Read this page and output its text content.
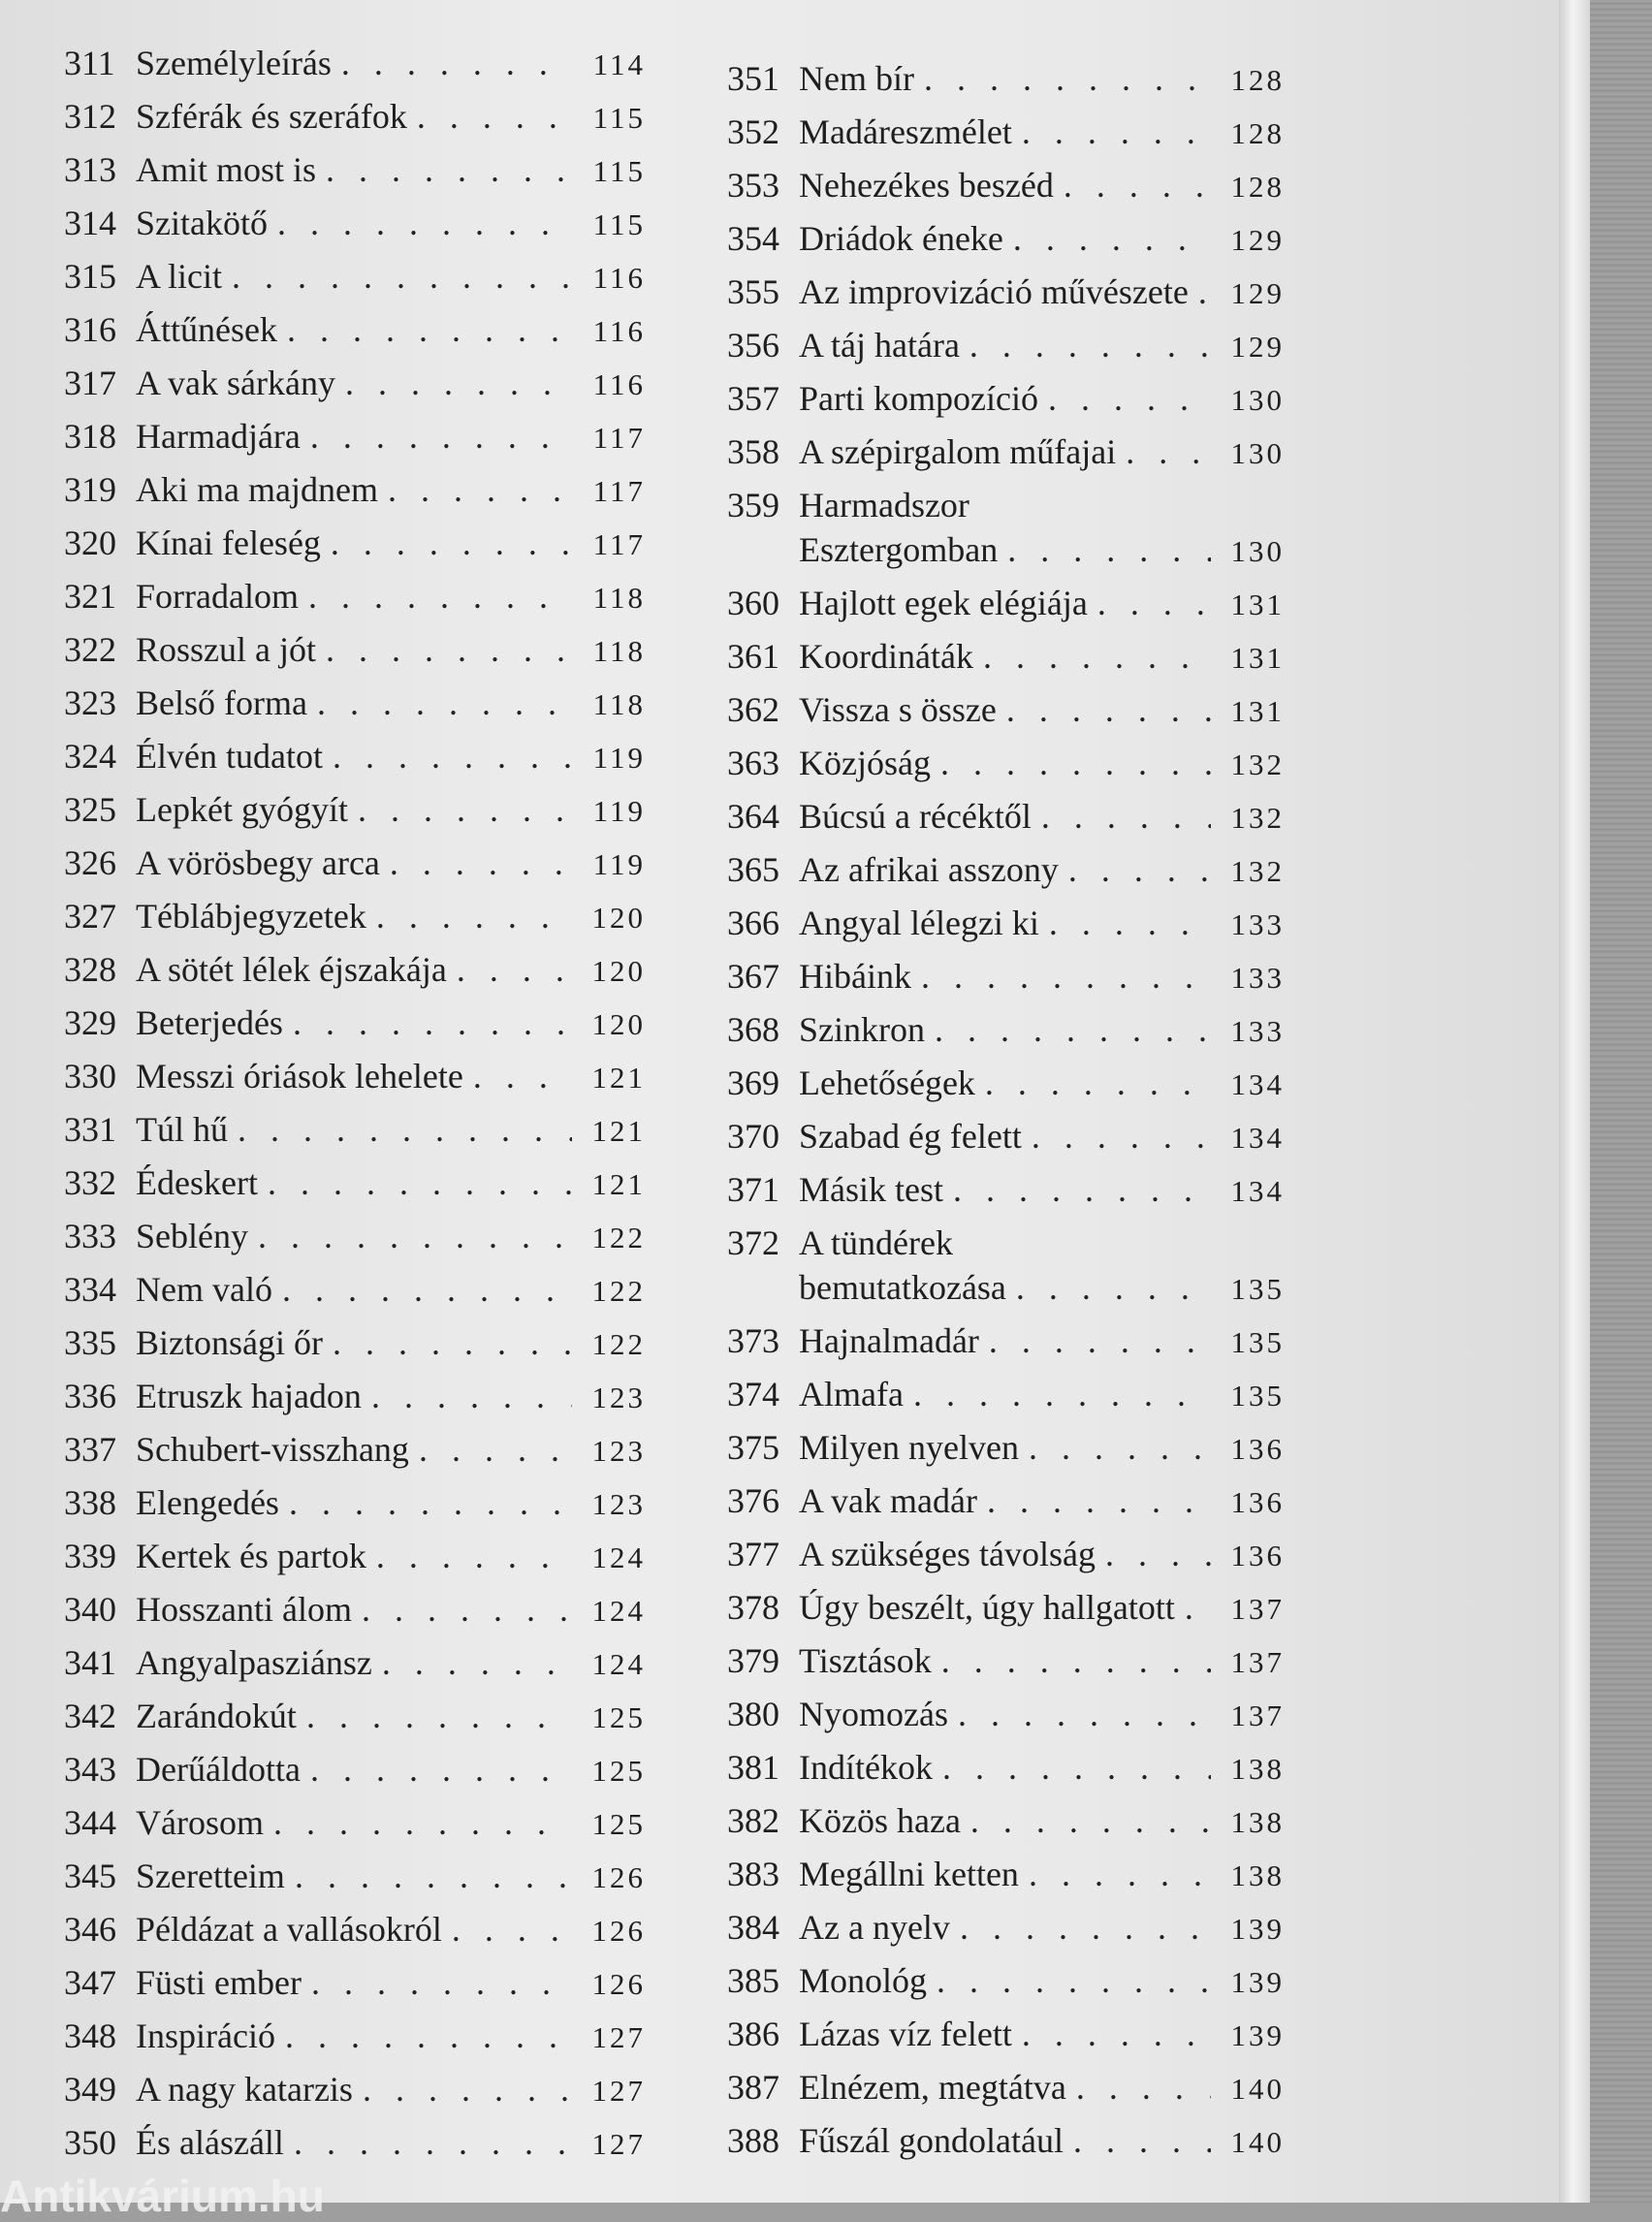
311 Személyleírás . . .	114
312 Szférák és szeráfok . . .	115
313 Amit most is . . .	115
314 Szitakötő . . .	115
315 A licit . . .	116
316 Áttűnések . . .	116
317 A vak sárkány . . .	116
318 Harmadjára . . .	117
319 Aki ma majdnem . . .	117
320 Kínai feleség . . .	117
321 Forradalom . . .	118
322 Rosszul a jót . . .	118
323 Belső forma . . .	118
324 Élvén tudatot . . .	119
325 Lepkét gyógyít . . .	119
326 A vörösbegy arca . . .	119
327 Téblábjegyzetek . . .	120
328 A sötét lélek éjszakája . . .	120
329 Beterjedés . . .	120
330 Messzi óriások lehelete . . .	121
331 Túl hű . . .	121
332 Édeskert . . .	121
333 Seblény . . .	122
334 Nem való . . .	122
335 Biztonsági őr . . .	122
336 Etruszk hajadon . . .	123
337 Schubert-visszhang . . .	123
338 Elengedés . . .	123
339 Kertek és partok . . .	124
340 Hosszanti álom . . .	124
341 Angyalpasziánsz . . .	124
342 Zarándokút . . .	125
343 Derűáldotta . . .	125
344 Városom . . .	125
345 Szeretteim . . .	126
346 Példázat a vallásokról . . .	126
347 Füsti ember . . .	126
348 Inspiráció . . .	127
349 A nagy katarzis . . .	127
350 És alászáll . . .	127
351 Nem bír . . .	128
352 Madáreszmélet . . .	128
353 Nehezékes beszéd . . .	128
354 Driádok éneke . . .	129
355 Az improvizáció művészete . . .	129
356 A táj határa . . .	129
357 Parti kompozíció . . .	130
358 A szépirgalom műfajai . . .	130
359 Harmadszor
Esztergomban . . .	130
360 Hajlott egek elégiája . . .	131
361 Koordináták . . .	131
362 Vissza s össze . . .	131
363 Közjóság . . .	132
364 Búcsú a récéktől . . .	132
365 Az afrikai asszony . . .	132
366 Angyal lélegzi ki . . .	133
367 Hibáink . . .	133
368 Szinkron . . .	133
369 Lehetőségek . . .	134
370 Szabad ég felett . . .	134
371 Másik test . . .	134
372 A tündérek
bemutatkozása . . .	135
373 Hajnalmadár . . .	135
374 Almafa . . .	135
375 Milyen nyelven . . .	136
376 A vak madár . . .	136
377 A szükséges távolság . . .	136
378 Úgy beszélt, úgy hallgatott . . .	137
379 Tisztások . . .	137
380 Nyomozás . . .	137
381 Indítékok . . .	138
382 Közös haza . . .	138
383 Megállni ketten . . .	138
384 Az a nyelv . . .	139
385 Monológ . . .	139
386 Lázas víz felett . . .	139
387 Elnézem, megtátva . . .	140
388 Fűszál gondolatául . . .	140
Antikvárium.hu
